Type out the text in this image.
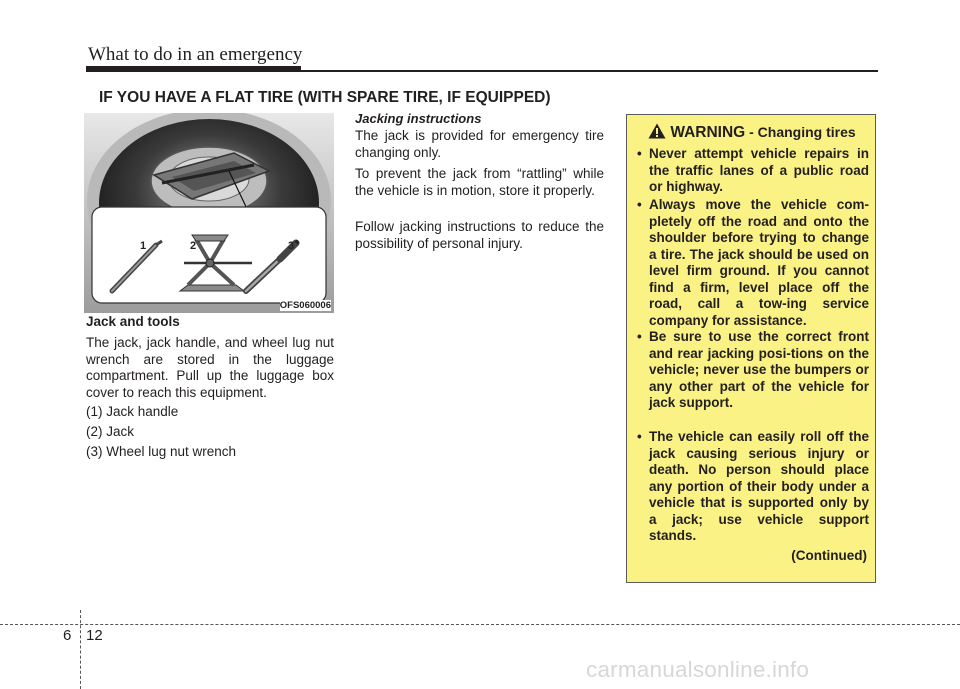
What to do in an emergency
IF YOU HAVE A FLAT TIRE (WITH SPARE TIRE, IF EQUIPPED)
1	2	3
OFS060006
Jack and tools
The jack, jack handle, and wheel lug nut wrench are stored in the luggage compartment. Pull up the luggage box cover to reach this equipment.
(1) Jack handle
(2) Jack
(3) Wheel lug nut wrench
Jacking instructions
The jack is provided for emergency tire changing only.
To prevent the jack from “rattling” while the vehicle is in motion, store it properly.
Follow jacking instructions to reduce the possibility of personal injury.
WARNING - Changing tires
• Never attempt vehicle repairs in the traffic lanes of a public road or highway.
• Always move the vehicle com-pletely off the road and onto the shoulder before trying to change a tire. The jack should be used on level firm ground. If you cannot find a firm, level place off the road, call a tow-ing service company for assistance.
• Be sure to use the correct front and rear jacking posi-tions on the vehicle; never use the bumpers or any other part of the vehicle for jack support.
• The vehicle can easily roll off the jack causing serious injury or death. No person should place any portion of their body under a vehicle that is supported only by a jack; use vehicle support stands.
(Continued)
6 12
carmanualsonline.info
